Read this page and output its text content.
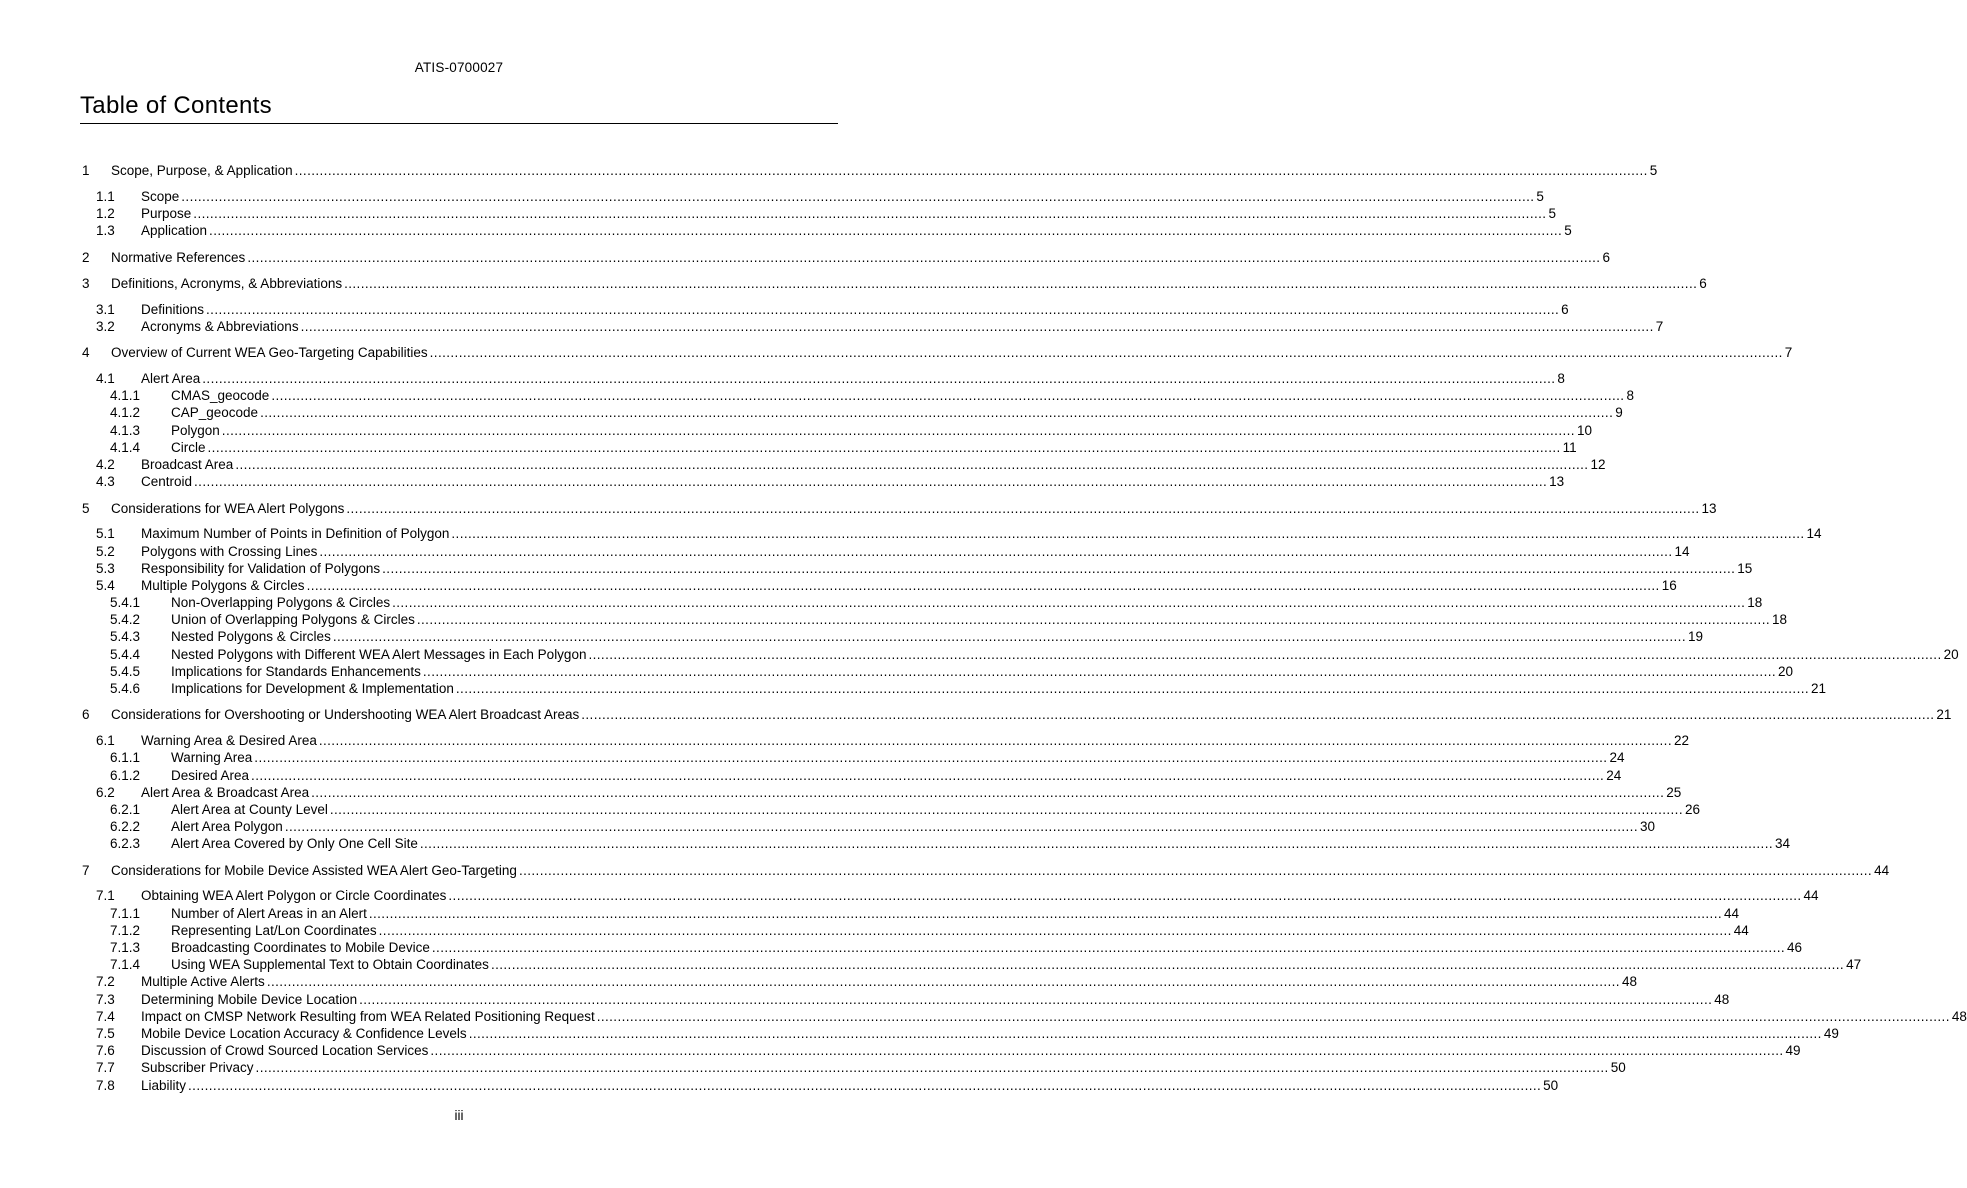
ATIS-0700027
Table of Contents
1	Scope, Purpose, & Application .....	5
1.1	Scope .....	5
1.2	Purpose .....	5
1.3	Application .....	5
2	Normative References .....	6
3	Definitions, Acronyms, & Abbreviations .....	6
3.1	Definitions .....	6
3.2	Acronyms & Abbreviations .....	7
4	Overview of Current WEA Geo-Targeting Capabilities .....	7
4.1	Alert Area .....	8
4.1.1	CMAS_geocode .....	8
4.1.2	CAP_geocode .....	9
4.1.3	Polygon .....	10
4.1.4	Circle .....	11
4.2	Broadcast Area .....	12
4.3	Centroid .....	13
5	Considerations for WEA Alert Polygons .....	13
5.1	Maximum Number of Points in Definition of Polygon .....	14
5.2	Polygons with Crossing Lines .....	14
5.3	Responsibility for Validation of Polygons .....	15
5.4	Multiple Polygons & Circles .....	16
5.4.1	Non-Overlapping Polygons & Circles .....	18
5.4.2	Union of Overlapping Polygons & Circles .....	18
5.4.3	Nested Polygons & Circles .....	19
5.4.4	Nested Polygons with Different WEA Alert Messages in Each Polygon .....	20
5.4.5	Implications for Standards Enhancements .....	20
5.4.6	Implications for Development & Implementation .....	21
6	Considerations for Overshooting or Undershooting WEA Alert Broadcast Areas .....	21
6.1	Warning Area & Desired Area .....	22
6.1.1	Warning Area .....	24
6.1.2	Desired Area .....	24
6.2	Alert Area & Broadcast Area .....	25
6.2.1	Alert Area at County Level .....	26
6.2.2	Alert Area Polygon .....	30
6.2.3	Alert Area Covered by Only One Cell Site .....	34
7	Considerations for Mobile Device Assisted WEA Alert Geo-Targeting .....	44
7.1	Obtaining WEA Alert Polygon or Circle Coordinates .....	44
7.1.1	Number of Alert Areas in an Alert .....	44
7.1.2	Representing Lat/Lon Coordinates .....	44
7.1.3	Broadcasting Coordinates to Mobile Device .....	46
7.1.4	Using WEA Supplemental Text to Obtain Coordinates .....	47
7.2	Multiple Active Alerts .....	48
7.3	Determining Mobile Device Location .....	48
7.4	Impact on CMSP Network Resulting from WEA Related Positioning Request .....	48
7.5	Mobile Device Location Accuracy & Confidence Levels .....	49
7.6	Discussion of Crowd Sourced Location Services .....	49
7.7	Subscriber Privacy .....	50
7.8	Liability .....	50
iii
